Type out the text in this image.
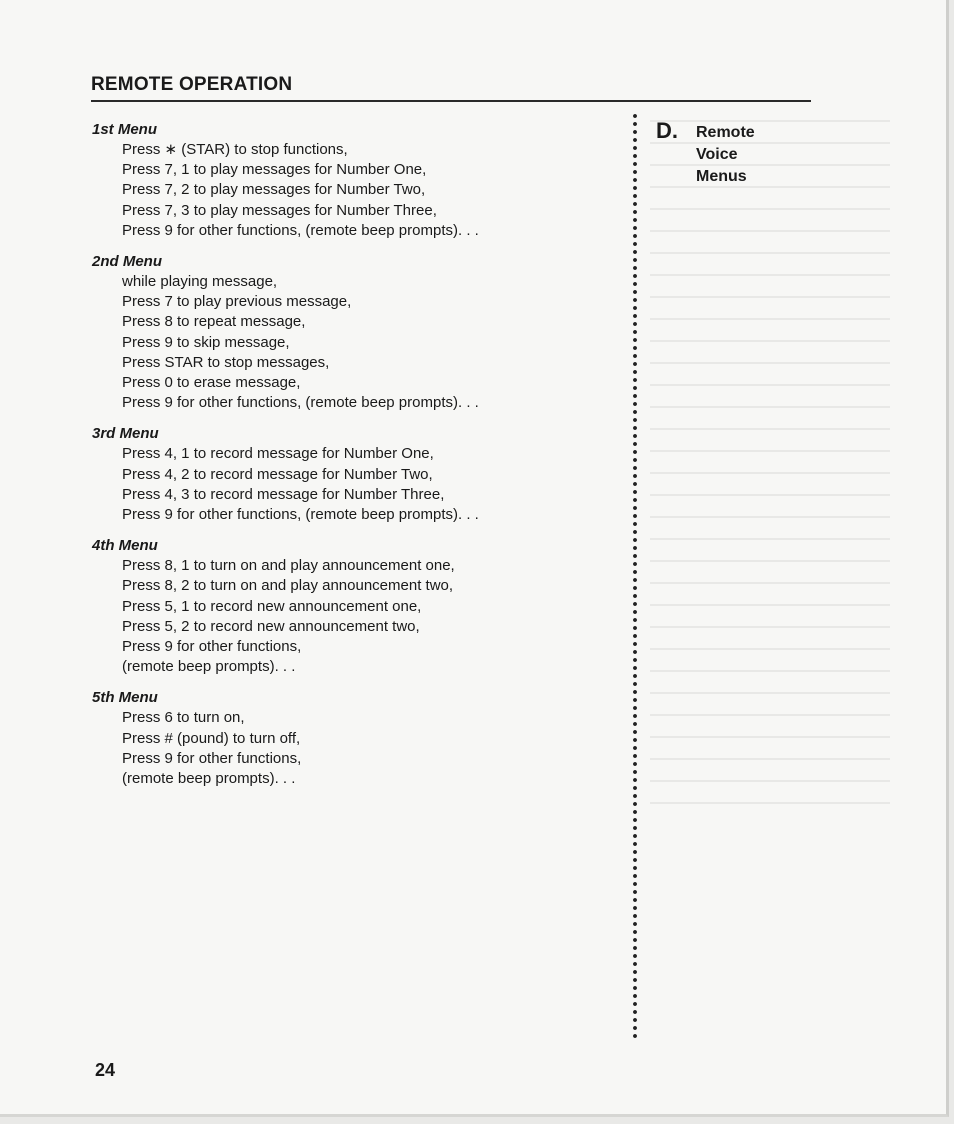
REMOTE OPERATION
1st Menu
Press ∗ (STAR) to stop functions,
Press 7, 1 to play messages for Number One,
Press 7, 2 to play messages for Number Two,
Press 7, 3 to play messages for Number Three,
Press 9 for other functions, (remote beep prompts). . .
2nd Menu
while playing message,
Press 7 to play previous message,
Press 8 to repeat message,
Press 9 to skip message,
Press STAR to stop messages,
Press 0 to erase message,
Press 9 for other functions, (remote beep prompts). . .
3rd Menu
Press 4, 1 to record message for Number One,
Press 4, 2 to record message for Number Two,
Press 4, 3 to record message for Number Three,
Press 9 for other functions, (remote beep prompts). . .
4th Menu
Press 8, 1 to turn on and play announcement one,
Press 8, 2 to turn on and play announcement two,
Press 5, 1 to record new announcement one,
Press 5, 2 to record new announcement two,
Press 9 for other functions,
(remote beep prompts). . .
5th Menu
Press 6 to turn on,
Press # (pound) to turn off,
Press 9 for other functions,
(remote beep prompts). . .
D. Remote
Voice
Menus
24
